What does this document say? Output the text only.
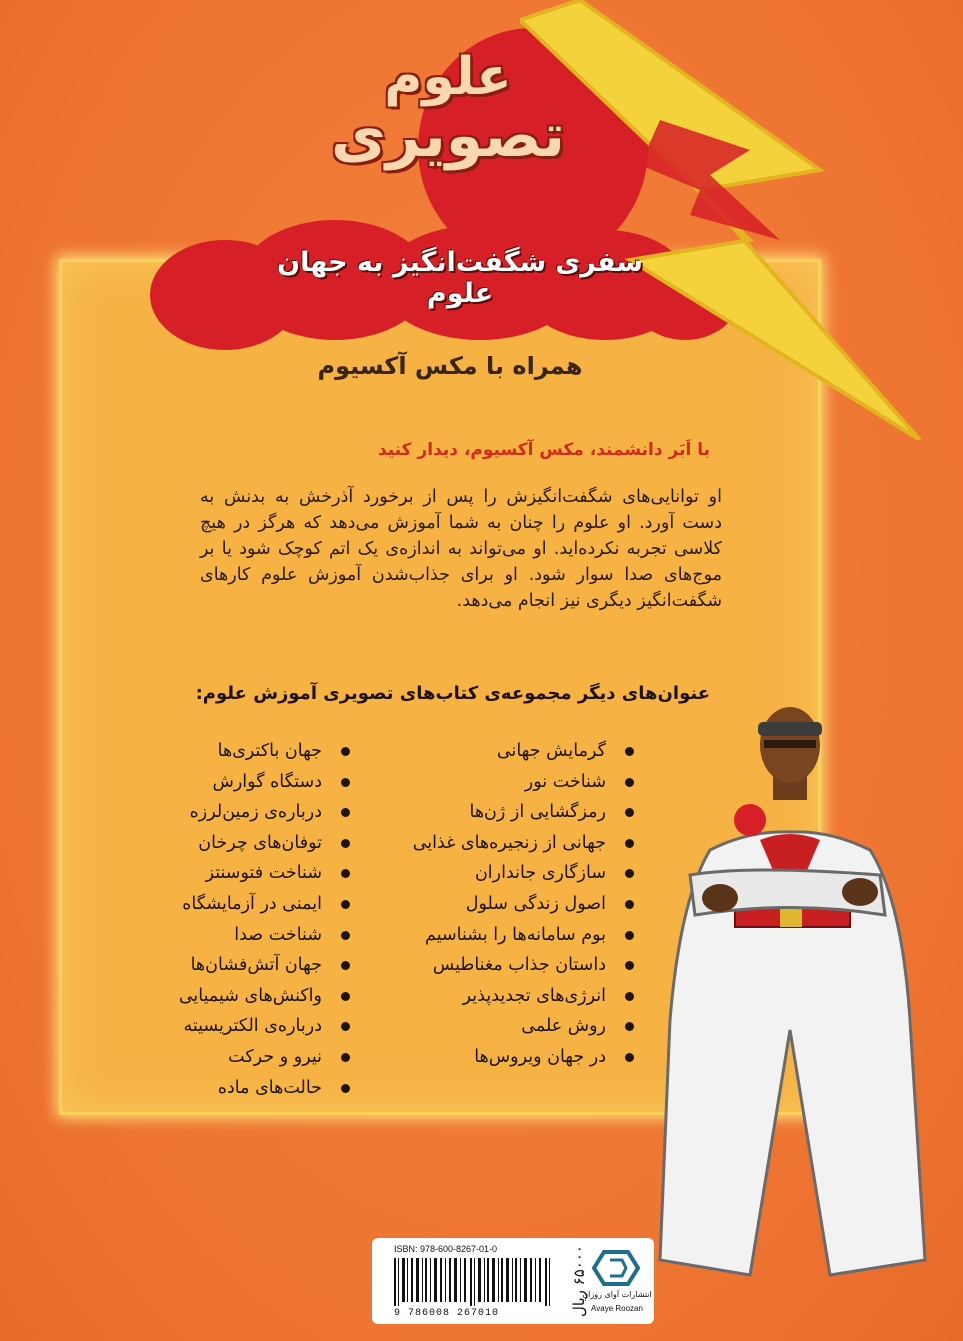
علوم
تصویری
سفری شگفت‌انگیز به جهان علوم
همراه با مکس آکسیوم
با اَبَر دانشمند، مکس آکسیوم، دیدار کنید
او توانایی‌های شگفت‌انگیزش را پس از برخورد آذرخش به بدنش به دست آورد. او علوم را چنان به شما آموزش می‌دهد که هرگز در هیچ کلاسی تجربه نکرده‌اید. او می‌تواند به اندازه‌ی یک اتم کوچک شود یا بر موج‌های صدا سوار شود. او برای جذاب‌شدن آموزش علوم کارهای شگفت‌انگیز دیگری نیز انجام می‌دهد.
عنوان‌های دیگر مجموعه‌ی کتاب‌های تصویری آموزش علوم:
گرمایش جهانی
شناخت نور
رمزگشایی از ژن‌ها
جهانی از زنجیره‌های غذایی
سازگاری جانداران
اصول زندگی سلول
بوم سامانه‌ها را بشناسیم
داستان جذاب مغناطیس
انرژی‌های تجدیدپذیر
روش علمی
در جهان ویروس‌ها
جهان باکتری‌ها
دستگاه گوارش
درباره‌ی زمین‌لرزه
توفان‌های چرخان
شناخت فتوسنتز
ایمنی در آزمایشگاه
شناخت صدا
جهان آتش‌فشان‌ها
واکنش‌های شیمیایی
درباره‌ی الکتریسیته
نیرو و حرکت
حالت‌های ماده
ISBN: 978-600-8267-01-0
9 786008 267010	۶۵۰۰۰ ریال
انتشارات آوای روزان
Avaye Roozan
